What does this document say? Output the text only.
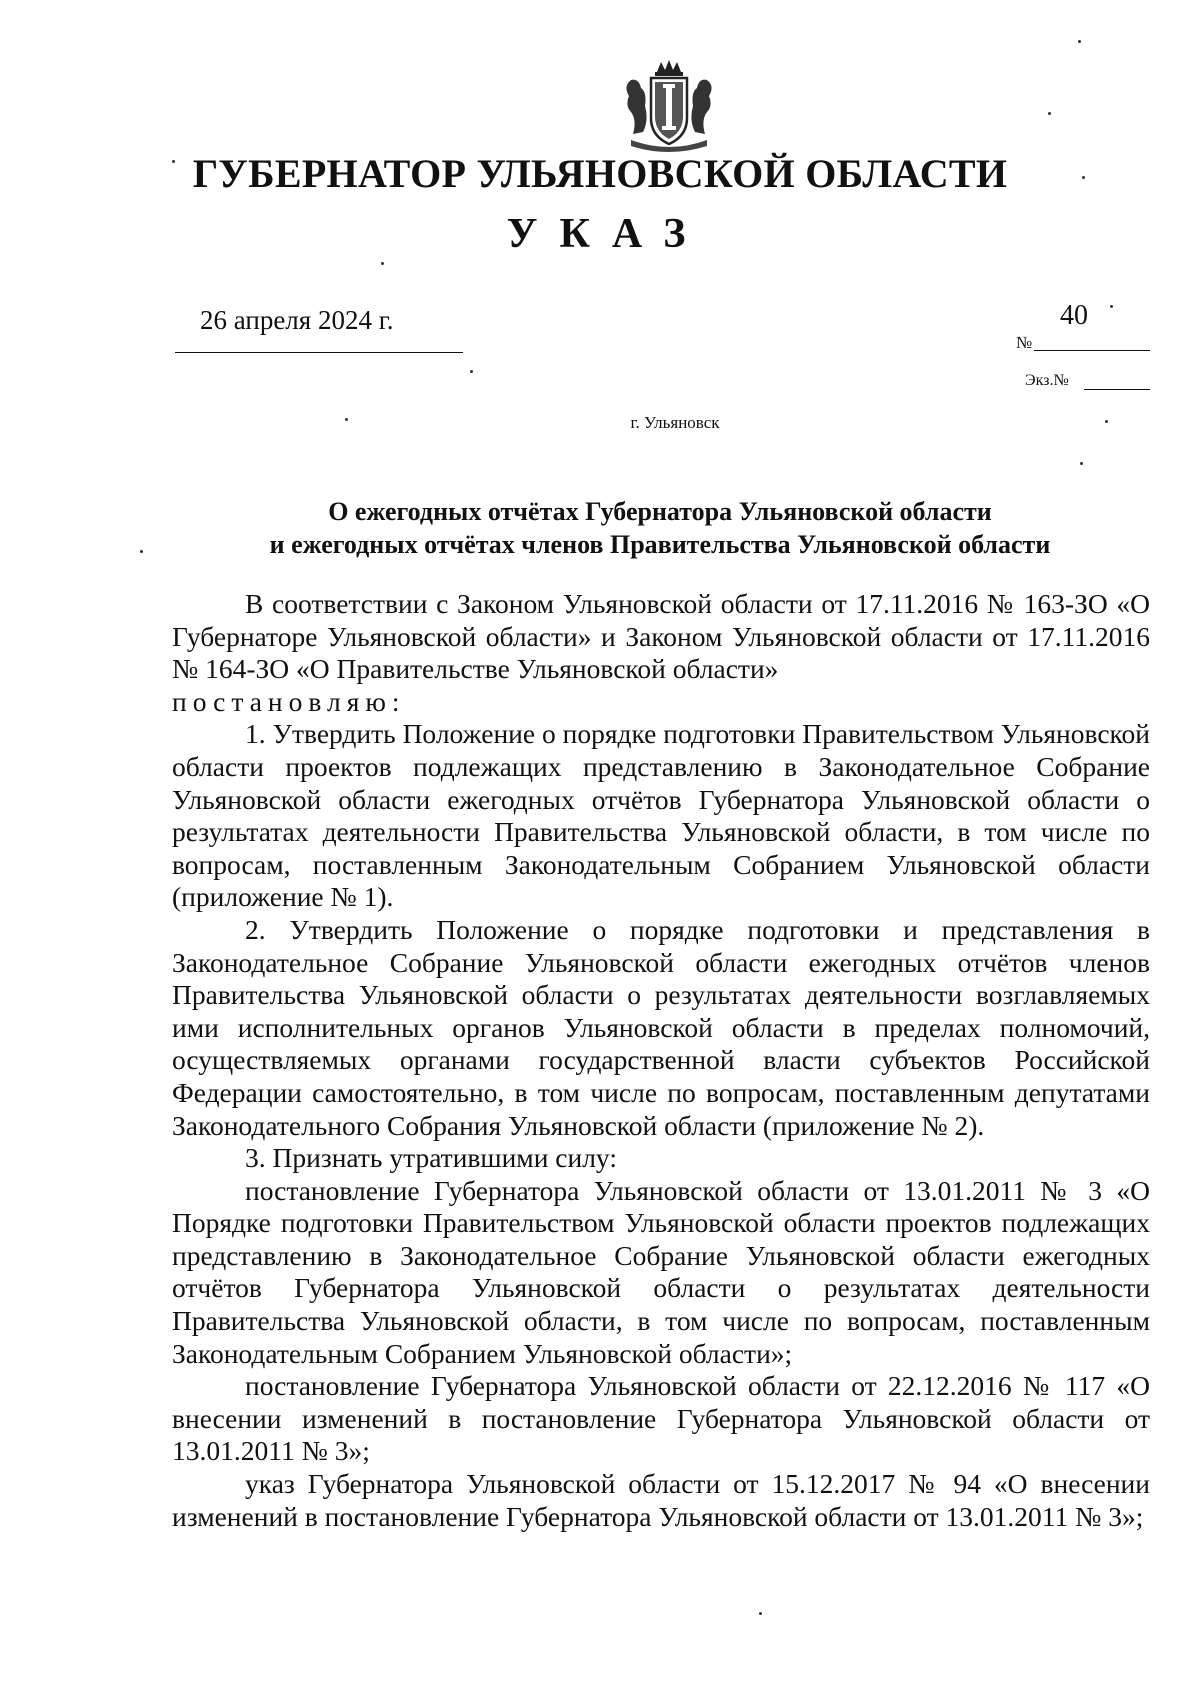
ГУБЕРНАТОР УЛЬЯНОВСКОЙ ОБЛАСТИ
УКАЗ
26 апреля 2024 г.
№
40
Экз.№
г. Ульяновск
О ежегодных отчётах Губернатора Ульяновской области
и ежегодных отчётах членов Правительства Ульяновской области

В соответствии с Законом Ульяновской области от 17.11.2016 № 163-ЗО «О Губернаторе Ульяновской области» и Законом Ульяновской области от 17.11.2016 № 164-ЗО «О Правительстве Ульяновской области»

постановляю:

1. Утвердить Положение о порядке подготовки Правительством Ульяновской области проектов подлежащих представлению в Законодательное Собрание Ульяновской области ежегодных отчётов Губернатора Ульяновской области о результатах деятельности Правительства Ульяновской области, в том числе по вопросам, поставленным Законодательным Собранием Ульяновской области (приложение № 1).

2. Утвердить Положение о порядке подготовки и представления в Законодательное Собрание Ульяновской области ежегодных отчётов членов Правительства Ульяновской области о результатах деятельности возглавляемых ими исполнительных органов Ульяновской области в пределах полномочий, осуществляемых органами государственной власти субъектов Российской Федерации самостоятельно, в том числе по вопросам, поставленным депутатами Законодательного Собрания Ульяновской области (приложение № 2).

3. Признать утратившими силу:

постановление Губернатора Ульяновской области от 13.01.2011 № 3 «О Порядке подготовки Правительством Ульяновской области проектов подлежащих представлению в Законодательное Собрание Ульяновской области ежегодных отчётов Губернатора Ульяновской области о результатах деятельности Правительства Ульяновской области, в том числе по вопросам, поставленным Законодательным Собранием Ульяновской области»;

постановление Губернатора Ульяновской области от 22.12.2016 № 117 «О внесении изменений в постановление Губернатора Ульяновской области от 13.01.2011 № 3»;

указ Губернатора Ульяновской области от 15.12.2017 № 94 «О внесении изменений в постановление Губернатора Ульяновской области от 13.01.2011 № 3»;
